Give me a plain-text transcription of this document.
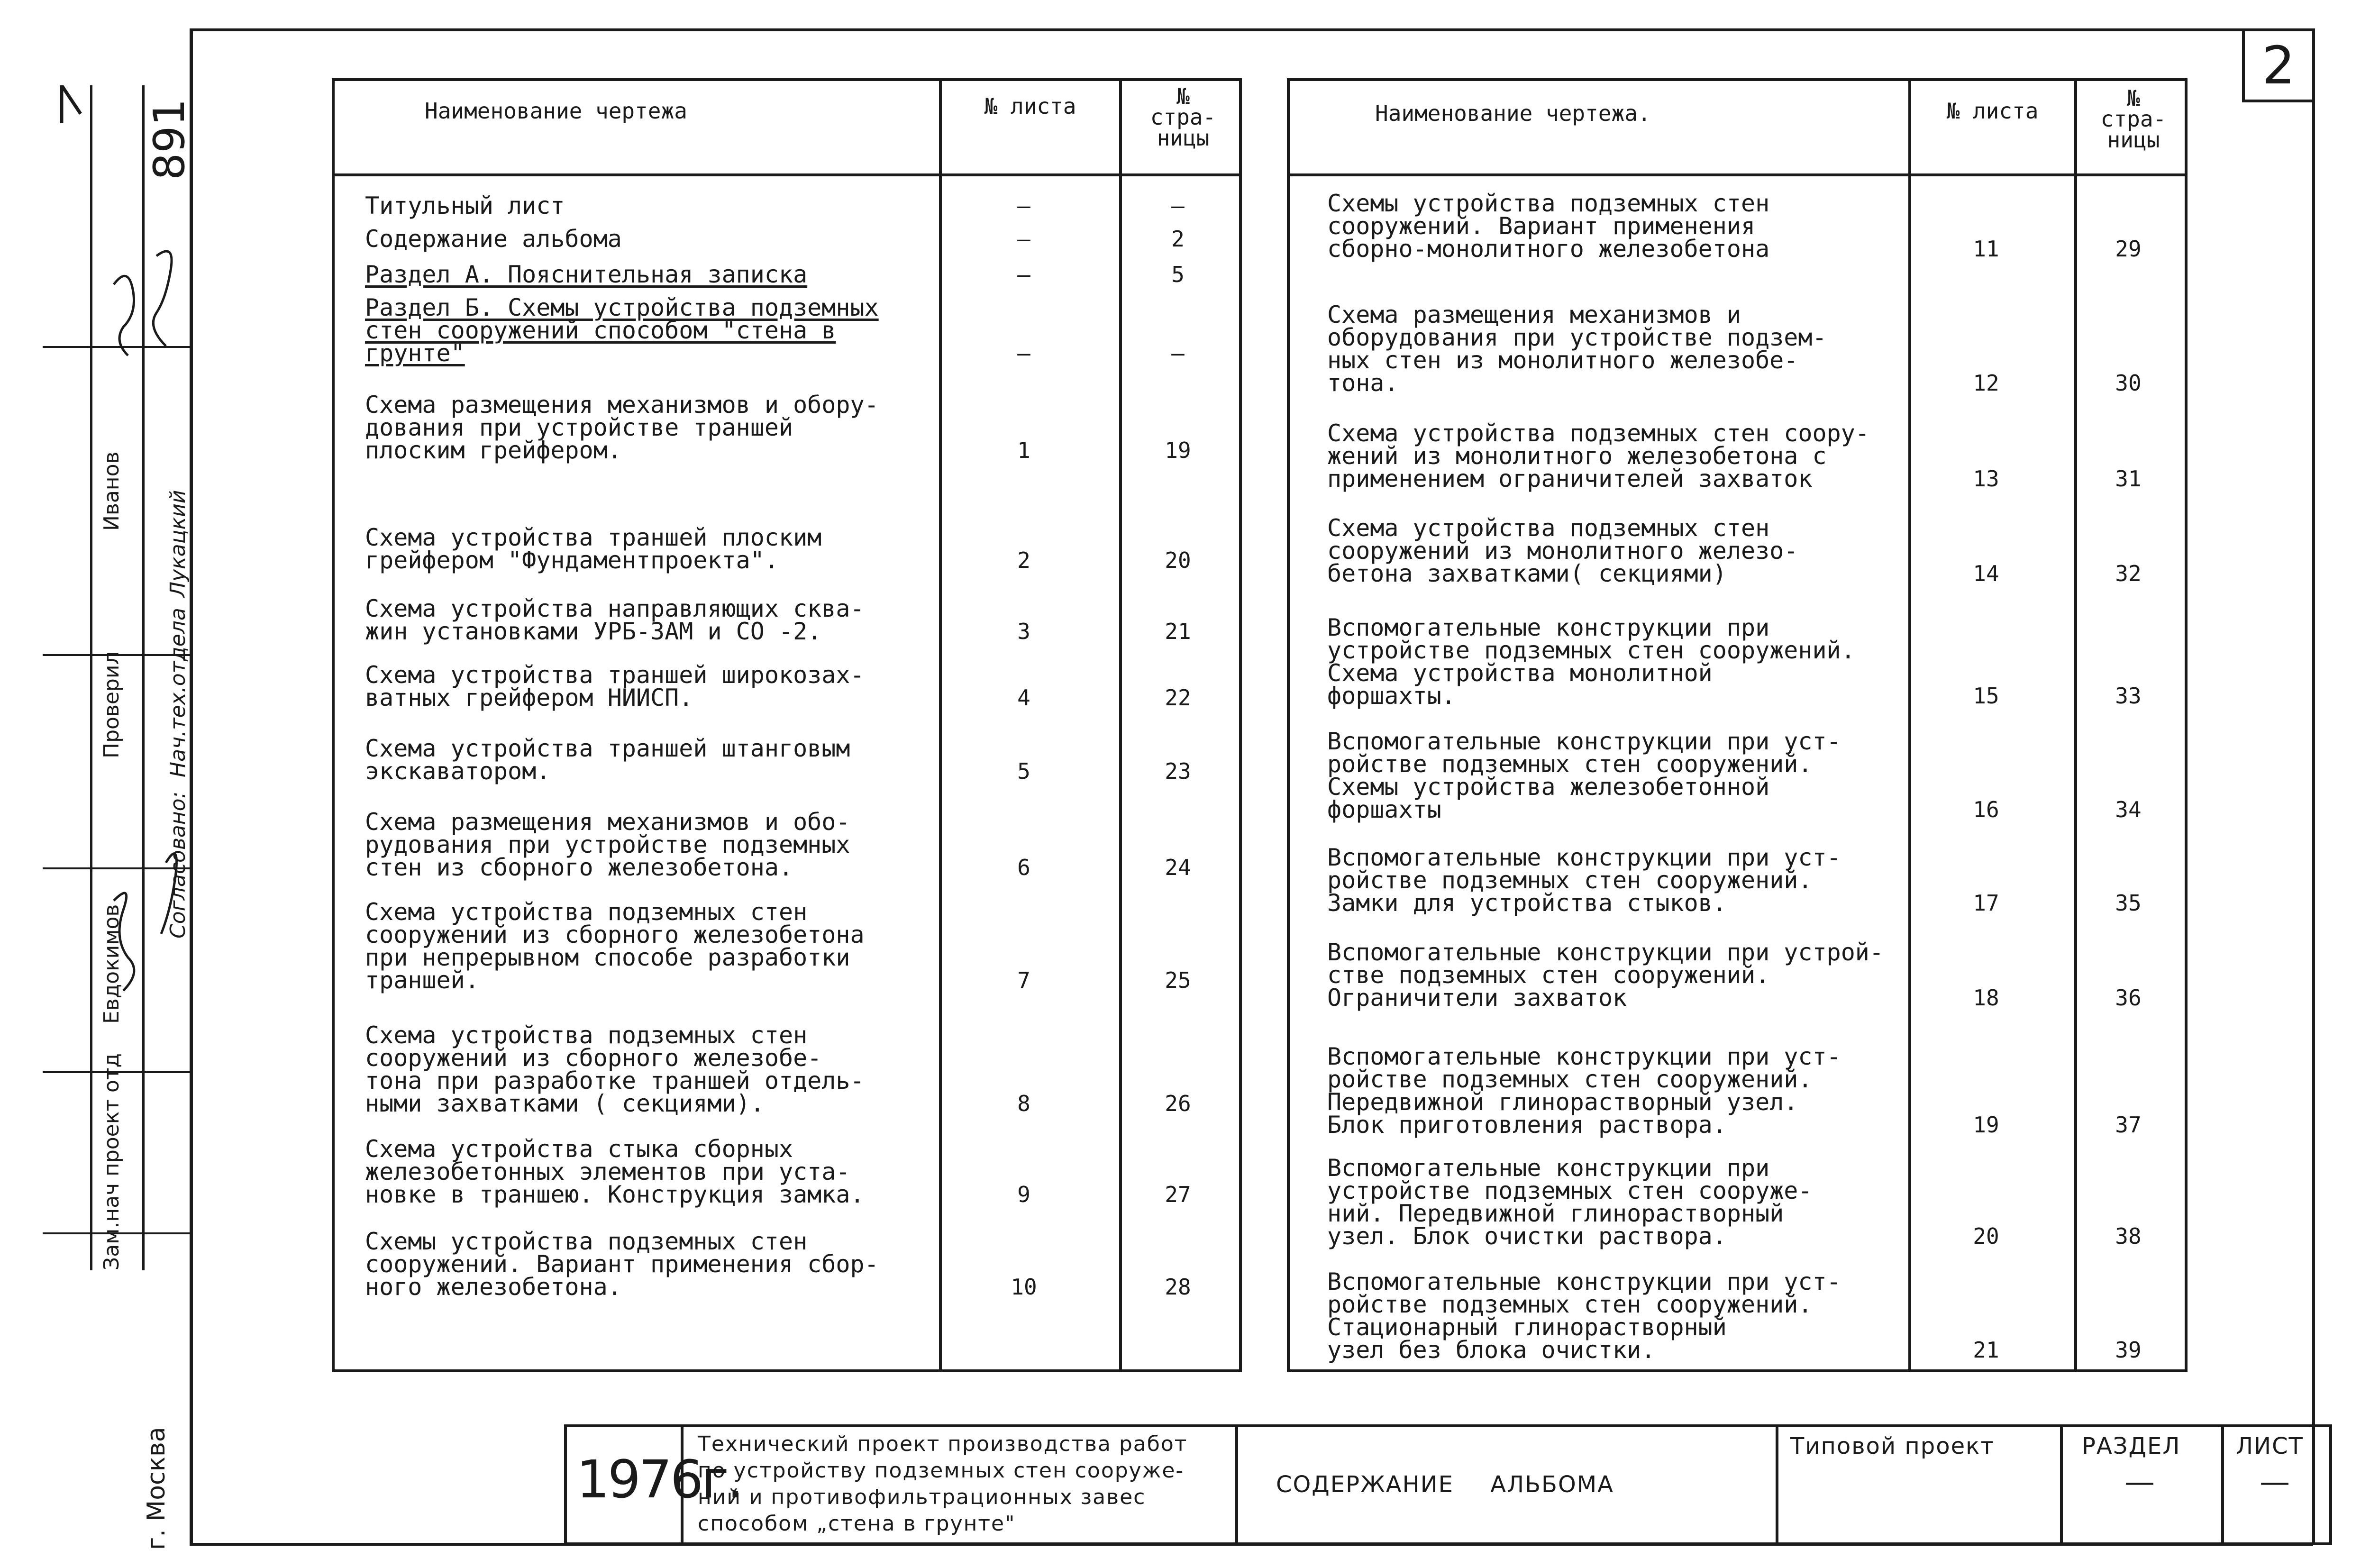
2
891
Иванов
Проверил
Евдокимов
Зам.нач проект отд
Согласовано:
Нач.тех.отдела
Лукацкий
г. Москва
Наименование чертежа	№ листа	№
стра-
ницы
Наименование чертежа.	№ листа	№
стра-
ницы
Титульный лист	—	—
Содержание альбома	—	2
Раздел А. Пояснительная записка	—	5
Раздел Б. Схемы устройства подземных
стен сооружений способом "стена в
грунте"	—	—
Схема размещения механизмов и обору-
дования при устройстве траншей
плоским грейфером.	1	19
Схема устройства траншей плоским
грейфером "Фундаментпроекта".	2	20
Схема устройства направляющих сква-
жин установками УРБ-ЗАМ и СО -2.	3	21
Схема устройства траншей широкозах-
ватных грейфером НИИСП.	4	22
Схема устройства траншей штанговым
экскаватором.	5	23
Схема размещения механизмов и обо-
рудования при устройстве подземных
стен из сборного железобетона.	6	24
Схема устройства подземных стен
сооружений из сборного железобетона
при непрерывном способе разработки
траншей.	7	25
Схема устройства подземных стен
сооружений из сборного железобе-
тона при разработке траншей отдель-
ными захватками ( секциями).	8	26
Схема устройства стыка сборных
железобетонных элементов при уста-
новке в траншею. Конструкция замка.	9	27
Схемы устройства подземных стен
сооружений. Вариант применения сбор-
ного железобетона.	10	28
Схемы устройства подземных стен
сооружений. Вариант применения
сборно-монолитного железобетона	11	29
Схема размещения механизмов и
оборудования при устройстве подзем-
ных стен из монолитного железобе-
тона.	12	30
Схема устройства подземных стен соору-
жений из монолитного железобетона с
применением ограничителей захваток	13	31
Схема устройства подземных стен
сооружений из монолитного железо-
бетона захватками( секциями)	14	32
Вспомогательные конструкции при
устройстве подземных стен сооружений.
Схема устройства монолитной
форшахты.	15	33
Вспомогательные конструкции при уст-
ройстве подземных стен сооружений.
Схемы устройства железобетонной
форшахты	16	34
Вспомогательные конструкции при уст-
ройстве подземных стен сооружений.
Замки для устройства стыков.	17	35
Вспомогательные конструкции при устрой-
стве подземных стен сооружений.
Ограничители захваток	18	36
Вспомогательные конструкции при уст-
ройстве подземных стен сооружений.
Передвижной глинорастворный узел.
Блок приготовления раствора.	19	37
Вспомогательные конструкции при
устройстве подземных стен сооруже-
ний. Передвижной глинорастворный
узел. Блок очистки раствора.	20	38
Вспомогательные конструкции при уст-
ройстве подземных стен сооружений.
Стационарный глинорастворный
узел без блока очистки.	21	39
1976г.
Технический проект производства работ
по устройству подземных стен сооруже-
ний и противофильтрационных завес
способом „стена в грунте"
СОДЕРЖАНИЕ АЛЬБОМА
Типовой проект	РАЗДЕЛ
—
ЛИСТ
—
